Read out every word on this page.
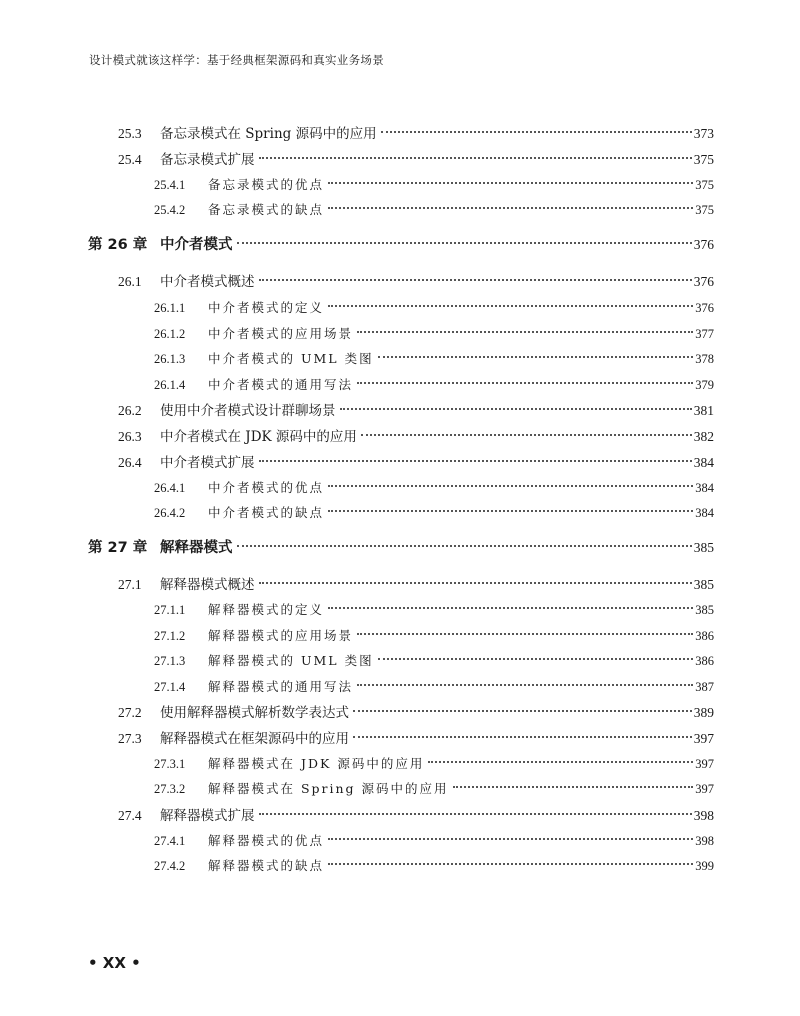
设计模式就该这样学：基于经典框架源码和真实业务场景
25.3	备忘录模式在 Spring 源码中的应用	373
25.4	备忘录模式扩展	375
25.4.1	备忘录模式的优点	375
25.4.2	备忘录模式的缺点	375
第 26 章 中介者模式	376
26.1	中介者模式概述	376
26.1.1	中介者模式的定义	376
26.1.2	中介者模式的应用场景	377
26.1.3	中介者模式的 UML 类图	378
26.1.4	中介者模式的通用写法	379
26.2	使用中介者模式设计群聊场景	381
26.3	中介者模式在 JDK 源码中的应用	382
26.4	中介者模式扩展	384
26.4.1	中介者模式的优点	384
26.4.2	中介者模式的缺点	384
第 27 章 解释器模式	385
27.1	解释器模式概述	385
27.1.1	解释器模式的定义	385
27.1.2	解释器模式的应用场景	386
27.1.3	解释器模式的 UML 类图	386
27.1.4	解释器模式的通用写法	387
27.2	使用解释器模式解析数学表达式	389
27.3	解释器模式在框架源码中的应用	397
27.3.1	解释器模式在 JDK 源码中的应用	397
27.3.2	解释器模式在 Spring 源码中的应用	397
27.4	解释器模式扩展	398
27.4.1	解释器模式的优点	398
27.4.2	解释器模式的缺点	399
• XX •
